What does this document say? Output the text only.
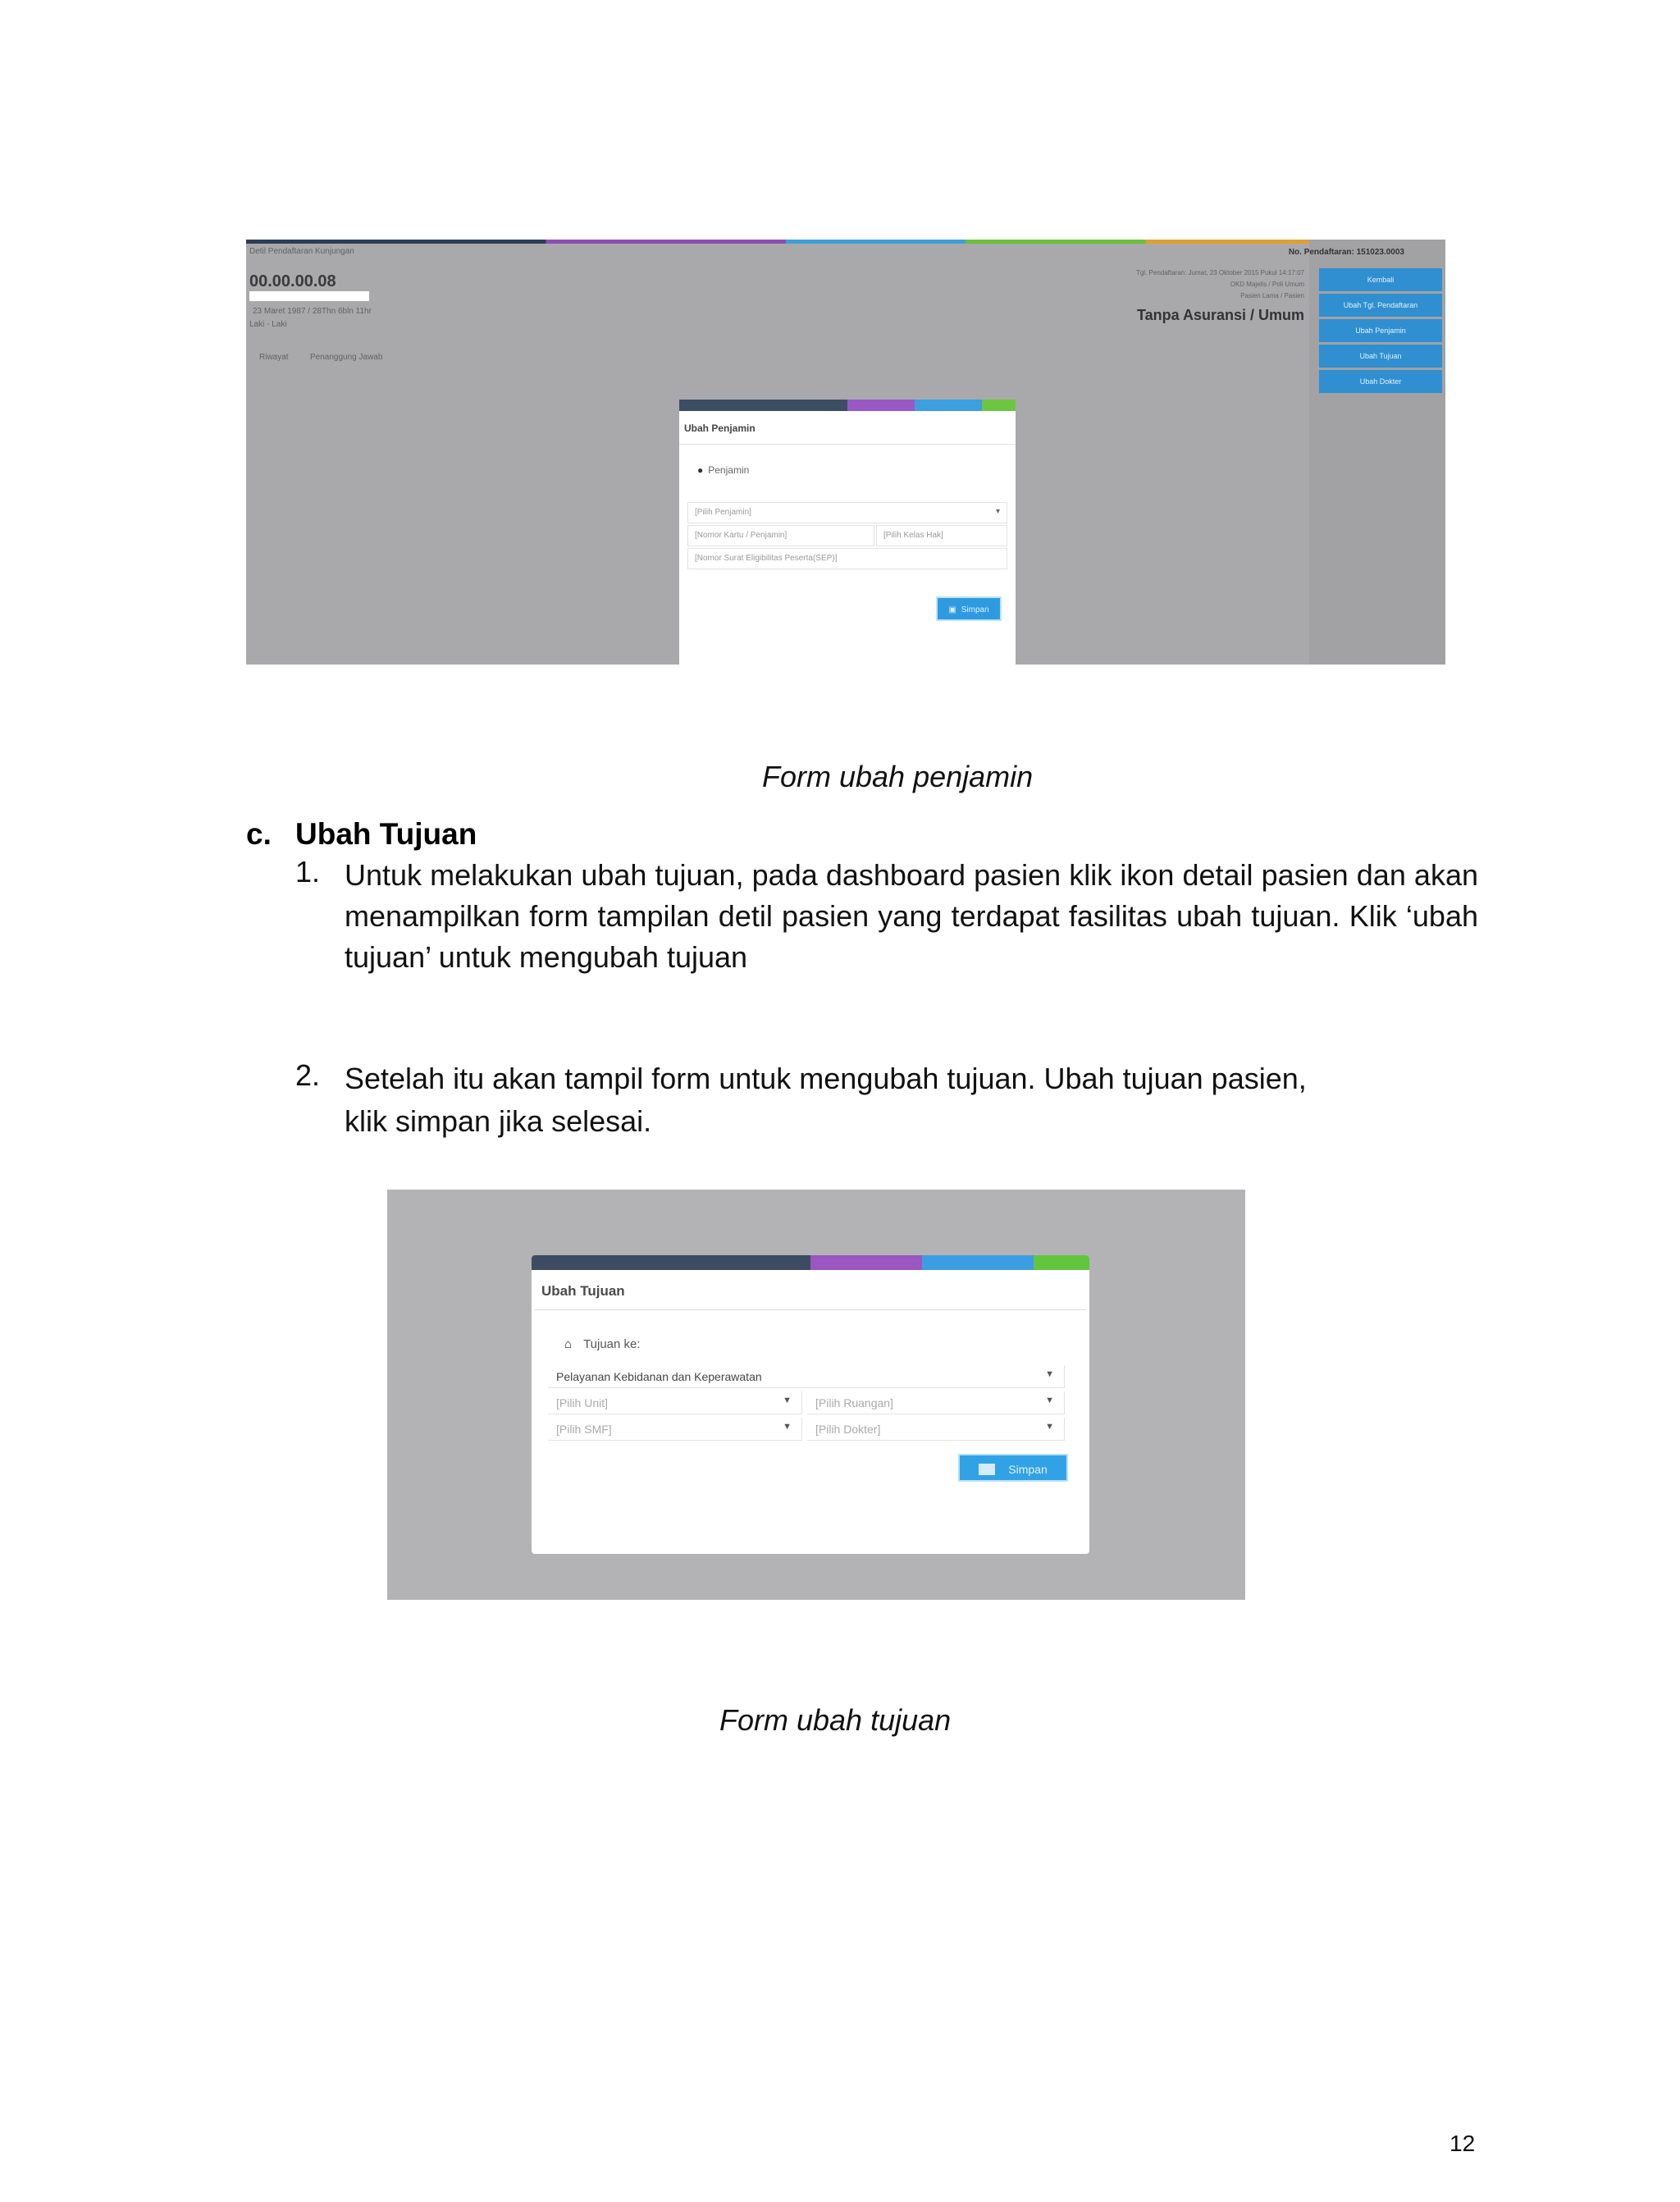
Detil Pendaftaran Kunjungan
00.00.00.08
23 Maret 1987 / 28Thn 6bln 11hr
Laki - Laki
Riwayat	Penanggung Jawab
No. Pendaftaran: 151023.0003
Tgl. Pendaftaran: Jumat, 23 Oktober 2015 Pukul 14:17:07
OKD Majelis / Poli Umum
Pasien Lama / Pasien
Tanpa Asuransi / Umum
Kembali
Ubah Tgl. Pendaftaran
Ubah Penjamin
Ubah Tujuan
Ubah Dokter
Ubah Penjamin
● Penjamin
[Pilih Penjamin]	▾
[Nomor Kartu / Penjamin]	[Pilih Kelas Hak]
[Nomor Surat Eligibilitas Peserta(SEP)]
▣ Simpan
Form ubah penjamin
c. Ubah Tujuan
1. Untuk melakukan ubah tujuan, pada dashboard pasien klik ikon detail pasien dan akan menampilkan form tampilan detil pasien yang terdapat fasilitas ubah tujuan. Klik ‘ubah tujuan’ untuk mengubah tujuan
2. Setelah itu akan tampil form untuk mengubah tujuan. Ubah tujuan pasien,
klik simpan jika selesai.
Ubah Tujuan
⌂ Tujuan ke:
Pelayanan Kebidanan dan Keperawatan	▼
[Pilih Unit]	▼	[Pilih Ruangan]	▼
[Pilih SMF]	▼	[Pilih Dokter]	▼
Simpan
Form ubah tujuan
12
